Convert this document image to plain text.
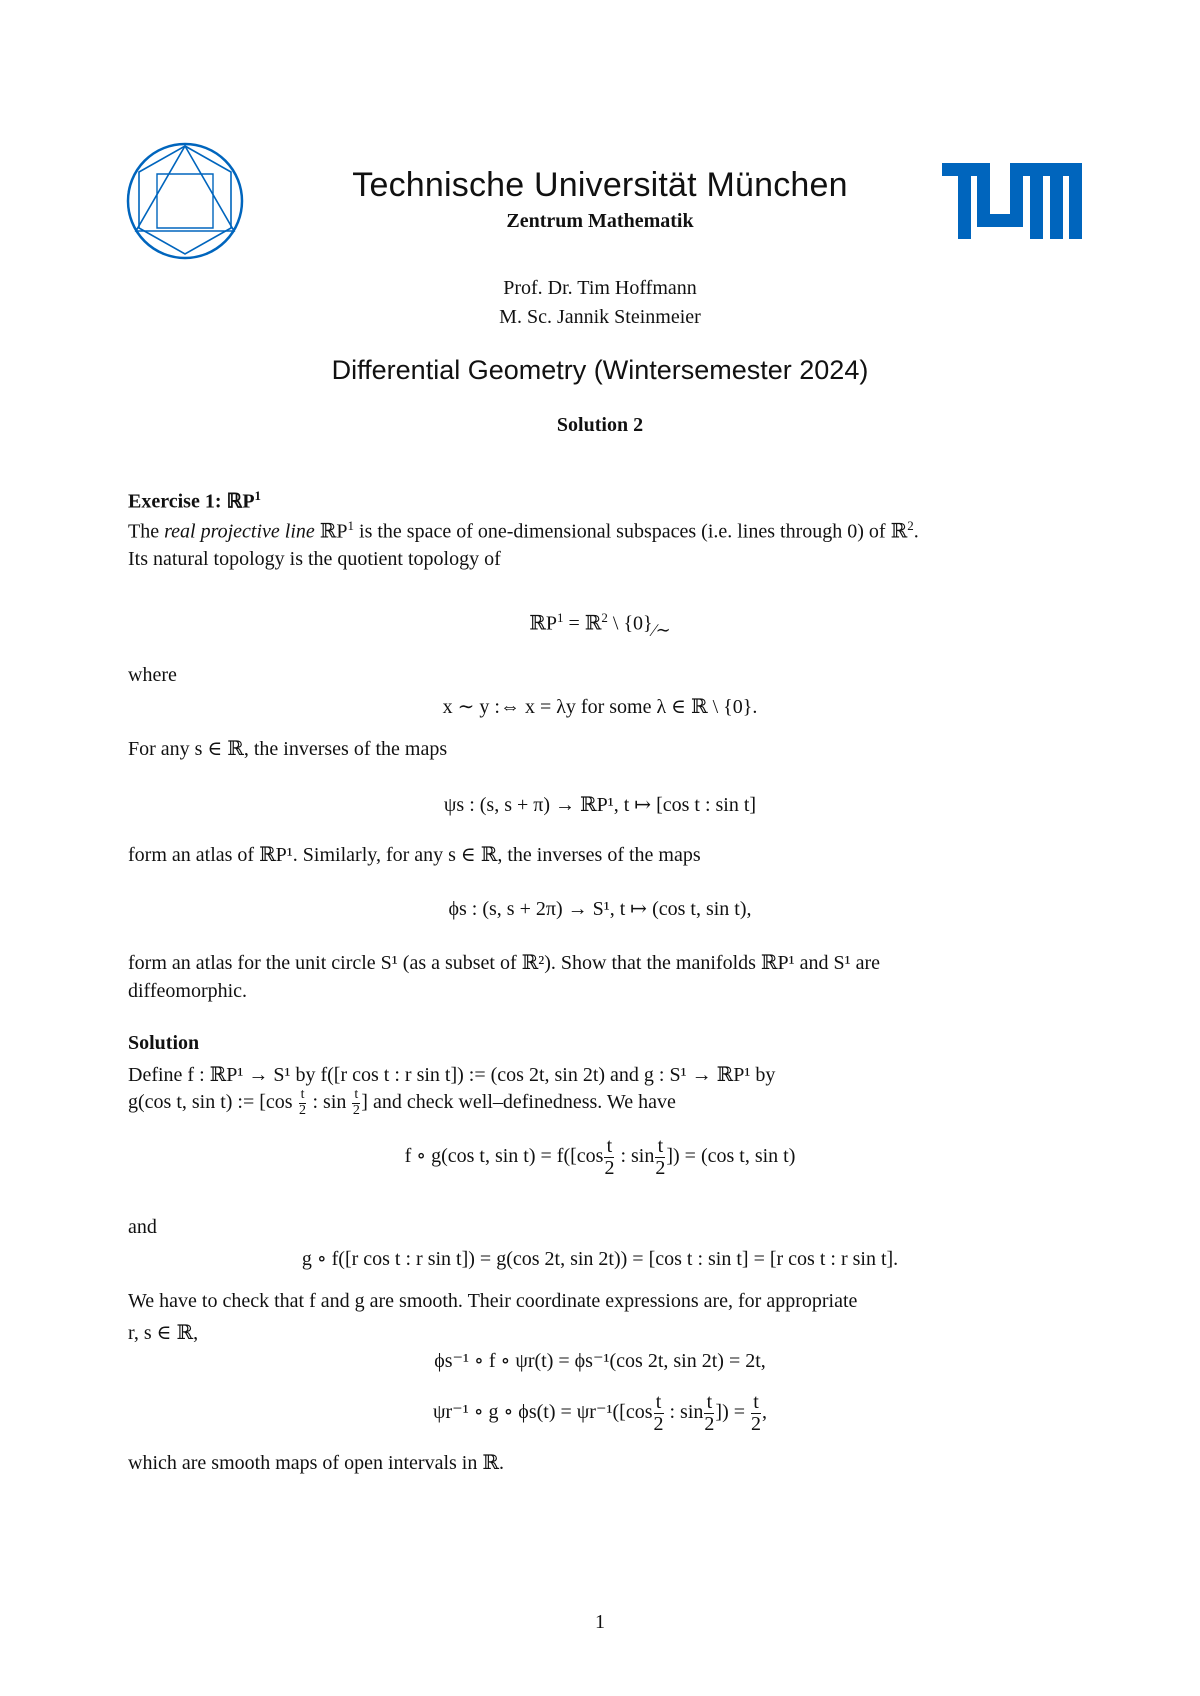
Technische Universität München
Zentrum Mathematik
Prof. Dr. Tim Hoffmann
M. Sc. Jannik Steinmeier
Differential Geometry (Wintersemester 2024)
Solution 2
Exercise 1: ℝP$^1$
The real projective line ℝP$^1$ is the space of one-dimensional subspaces (i.e. lines through 0) of ℝ$^2$.
Its natural topology is the quotient topology of
ℝP$^1$ = ℝ$^2$ \ {0}∕∼
where
x ∼ y :⇔ x = λy for some λ ∈ ℝ \ {0}.
For any s ∈ ℝ, the inverses of the maps
ψs : (s, s + π) → ℝP¹, t ↦ [cos t : sin t]
form an atlas of ℝP¹. Similarly, for any s ∈ ℝ, the inverses of the maps
ϕs : (s, s + 2π) → S¹, t ↦ (cos t, sin t),
form an atlas for the unit circle S¹ (as a subset of ℝ²). Show that the manifolds ℝP¹ and S¹ are
diffeomorphic.
Solution
Define f : ℝP¹ → S¹ by f([r cos t : r sin t]) := (cos 2t, sin 2t) and g : S¹ → ℝP¹ by
g(cos t, sin t) := [$\cos \frac{t}{2}$ : $\sin \frac{t}{2}$ ] and check well–definedness. We have
f ∘ g(cos t, $\sin t) = f([\cos \frac{t}{2}$ : $\sin \frac{t}{2}$ ]) = (cos t, sin t)
and
g ∘ f([r cos t : r sin t]) = g(cos 2t, sin 2t)) = [cos t : sin t] = [r cos t : r sin t].
We have to check that f and g are smooth. Their coordinate expressions are, for appropriate
r, s ∈ ℝ,
ϕs⁻¹ ∘ f ∘ ψr(t) = ϕs⁻¹(cos 2t, sin 2t) = 2t,
ψr⁻¹ ∘ g ∘ $\phi s(t) = \psi r^{-1}([\cos \frac{t}{2}$ : $\sin \frac{t}{2}$ ]) = $\frac{t}{2}$ ,
which are smooth maps of open intervals in ℝ.
1
